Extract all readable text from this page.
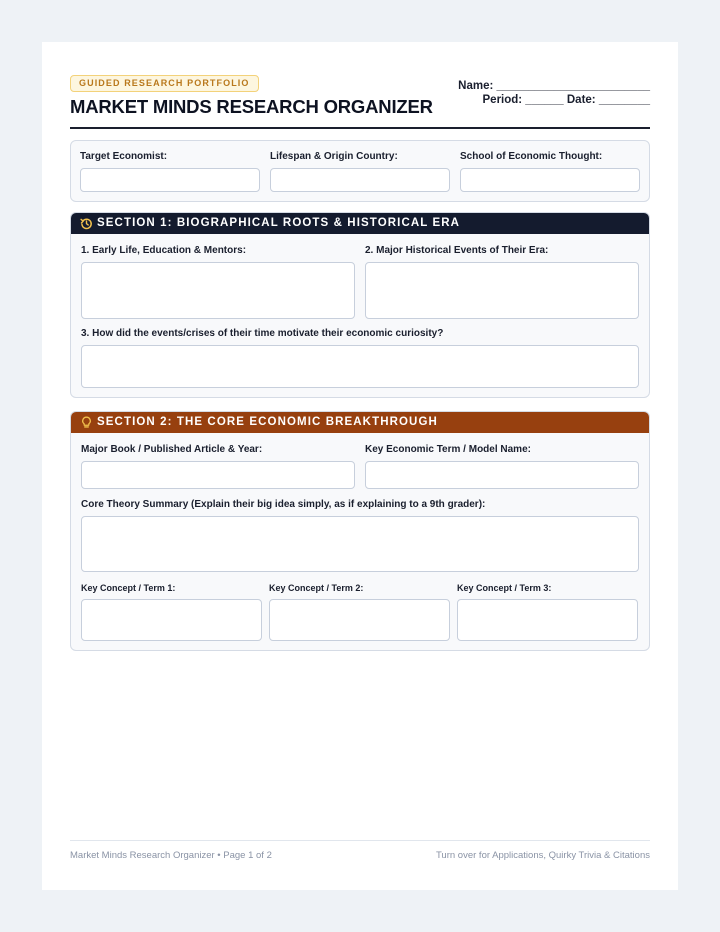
GUIDED RESEARCH PORTFOLIO
MARKET MINDS RESEARCH ORGANIZER
Name: ________________________
Period: ______ Date: ________
Target Economist:	Lifespan & Origin Country:	School of Economic Thought:
SECTION 1: BIOGRAPHICAL ROOTS & HISTORICAL ERA
1. Early Life, Education & Mentors:	2. Major Historical Events of Their Era:
3. How did the events/crises of their time motivate their economic curiosity?
SECTION 2: THE CORE ECONOMIC BREAKTHROUGH
Major Book / Published Article & Year:	Key Economic Term / Model Name:
Core Theory Summary (Explain their big idea simply, as if explaining to a 9th grader):
Key Concept / Term 1:	Key Concept / Term 2:	Key Concept / Term 3:
Market Minds Research Organizer • Page 1 of 2	Turn over for Applications, Quirky Trivia & Citations
